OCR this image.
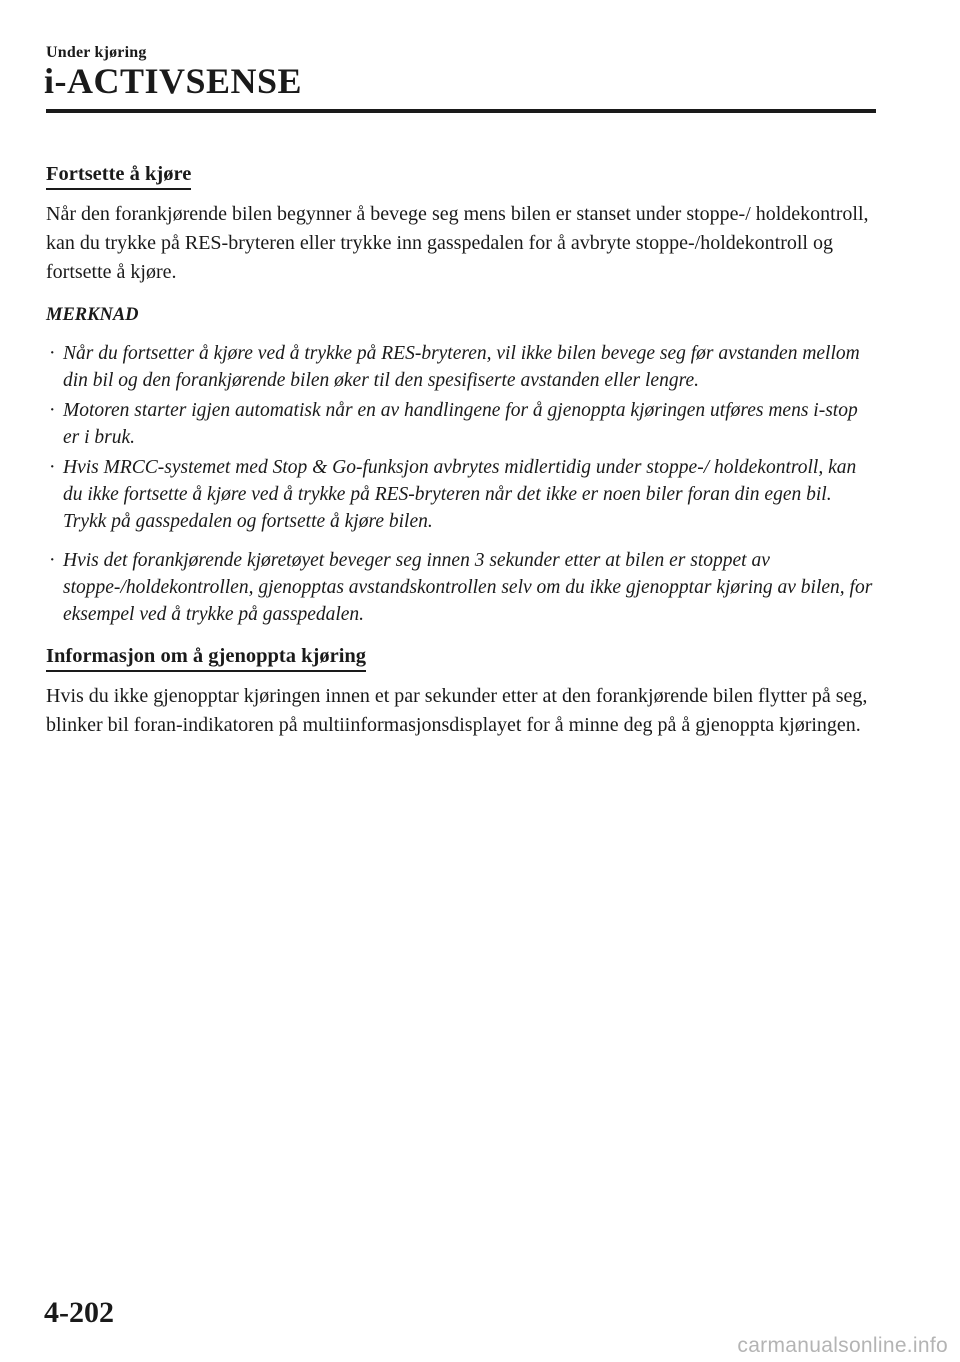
Under kjøring
i-ACTIVSENSE
Fortsette å kjøre

Når den forankjørende bilen begynner å bevege seg mens bilen er stanset under stoppe-/ holdekontroll, kan du trykke på RES-bryteren eller trykke inn gasspedalen for å avbryte stoppe-/holdekontroll og fortsette å kjøre.

MERKNAD

· Når du fortsetter å kjøre ved å trykke på RES-bryteren, vil ikke bilen bevege seg før avstanden mellom din bil og den forankjørende bilen øker til den spesifiserte avstanden eller lengre.
· Motoren starter igjen automatisk når en av handlingene for å gjenoppta kjøringen utføres mens i-stop er i bruk.
· Hvis MRCC-systemet med Stop & Go-funksjon avbrytes midlertidig under stoppe-/ holdekontroll, kan du ikke fortsette å kjøre ved å trykke på RES-bryteren når det ikke er noen biler foran din egen bil. Trykk på gasspedalen og fortsette å kjøre bilen.
· Hvis det forankjørende kjøretøyet beveger seg innen 3 sekunder etter at bilen er stoppet av stoppe-/holdekontrollen, gjenopptas avstandskontrollen selv om du ikke gjenopptar kjøring av bilen, for eksempel ved å trykke på gasspedalen.
Informasjon om å gjenoppta kjøring

Hvis du ikke gjenopptar kjøringen innen et par sekunder etter at den forankjørende bilen flytter på seg, blinker bil foran-indikatoren på multiinformasjonsdisplayet for å minne deg på å gjenoppta kjøringen.

4-202
carmanualsonline.info
